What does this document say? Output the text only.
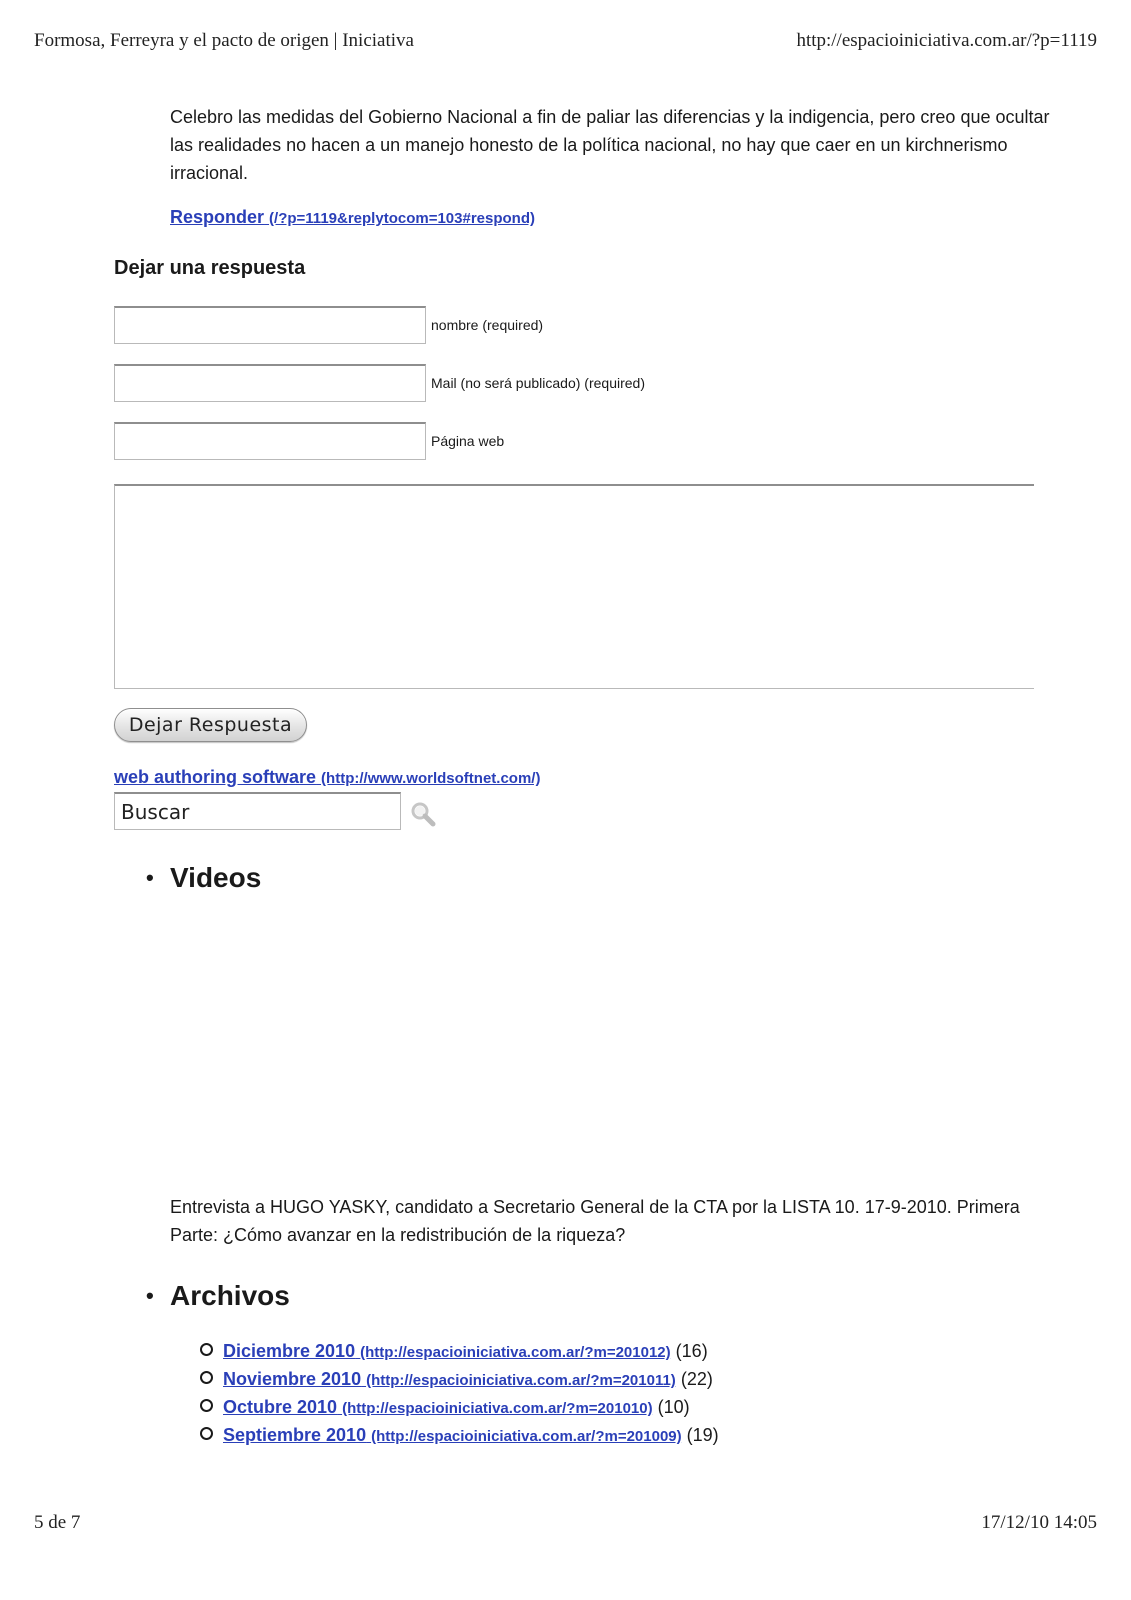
Formosa, Ferreyra y el pacto de origen | Iniciativa	http://espacioiniciativa.com.ar/?p=1119

Celebro las medidas del Gobierno Nacional a fin de paliar las diferencias y la indigencia, pero creo que ocultar las realidades no hacen a un manejo honesto de la política nacional, no hay que caer en un kirchnerismo irracional.

Responder (/?p=1119&replytocom=103#respond)
Dejar una respuesta
nombre (required)
Mail (no será publicado) (required)
Página web
Dejar Respuesta
web authoring software (http://www.worldsoftnet.com/)
Buscar
• Videos

Entrevista a HUGO YASKY, candidato a Secretario General de la CTA por la LISTA 10. 17-9-2010. Primera Parte: ¿Cómo avanzar en la redistribución de la riqueza?

• Archivos
Diciembre 2010 (http://espacioiniciativa.com.ar/?m=201012) (16)
Noviembre 2010 (http://espacioiniciativa.com.ar/?m=201011) (22)
Octubre 2010 (http://espacioiniciativa.com.ar/?m=201010) (10)
Septiembre 2010 (http://espacioiniciativa.com.ar/?m=201009) (19)
5 de 7	17/12/10 14:05
